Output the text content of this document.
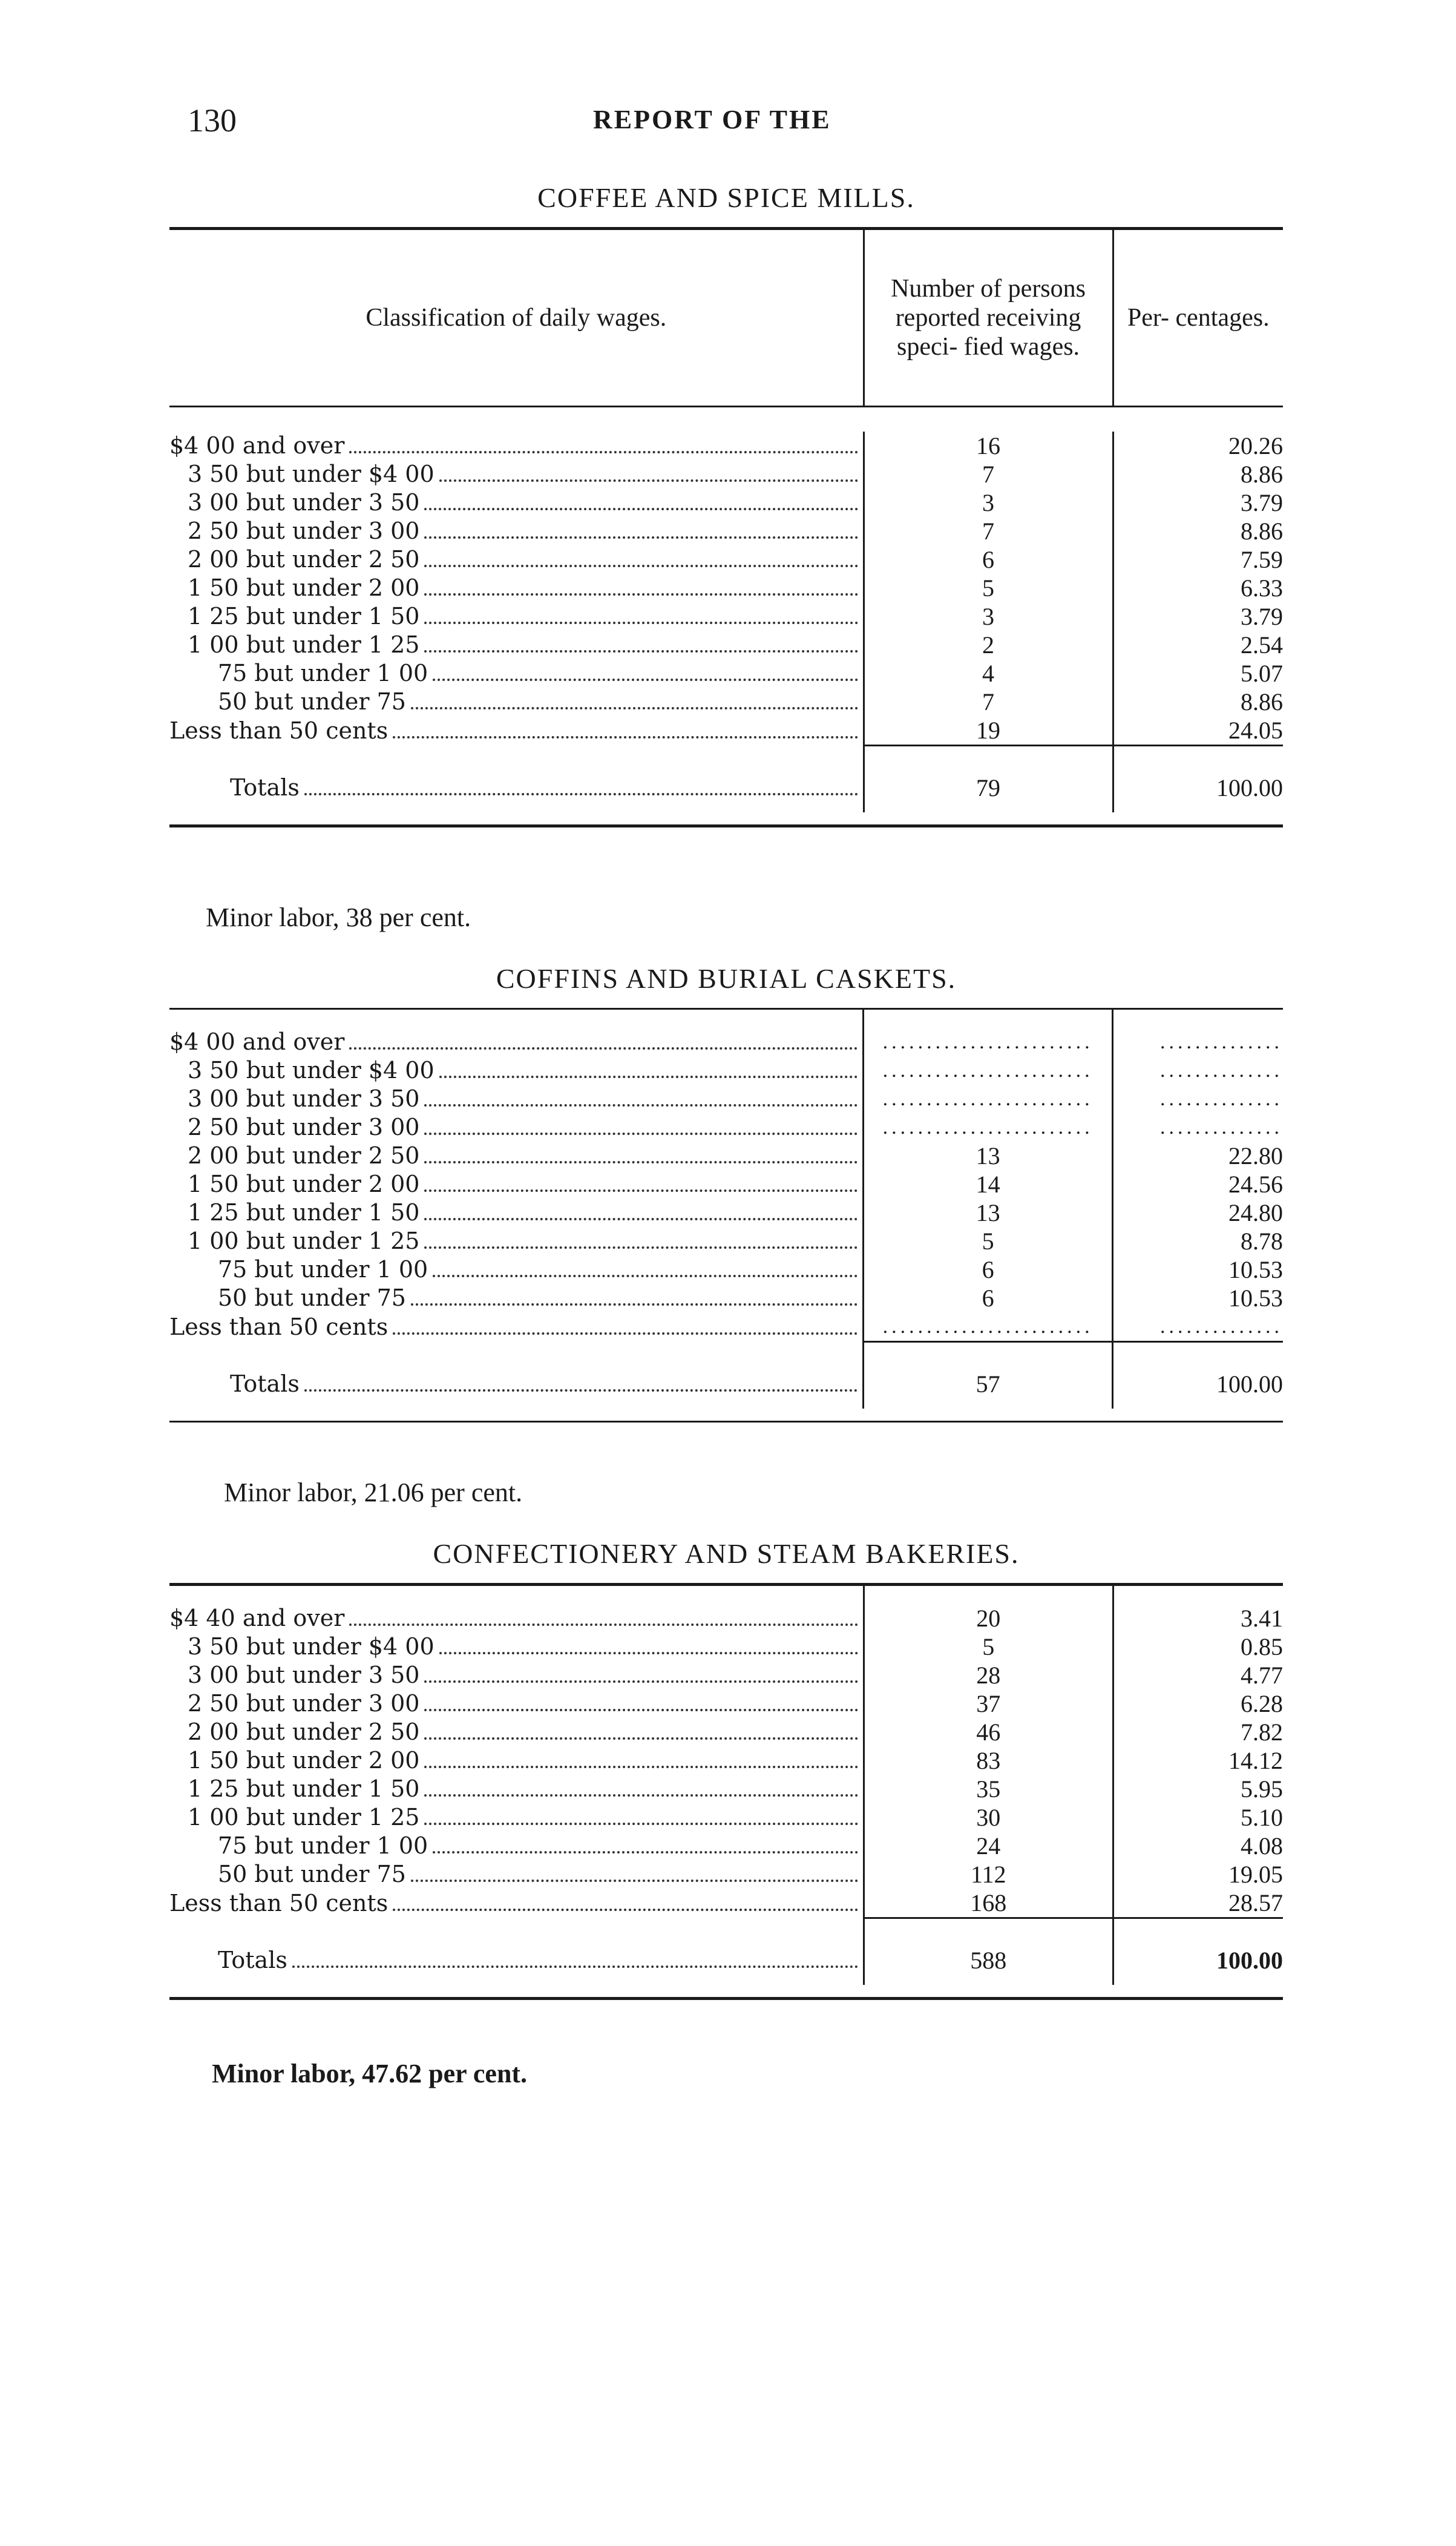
130	REPORT OF THE
COFFEE AND SPICE MILLS.
Classification of daily wages.	Number of persons reported receiving speci- fied wages.	Per- centages.

$4 00 and over	16	20.26

3 50 but under $4 00	7	8.86

3 00 but under 3 50	3	3.79

2 50 but under 3 00	7	8.86

2 00 but under 2 50	6	7.59

1 50 but under 2 00	5	6.33

1 25 but under 1 50	3	3.79

1 00 but under 1 25	2	2.54

75 but under 1 00	4	5.07

50 but under 75	7	8.86

Less than 50 cents	19	24.05

Totals	79	100.00
Minor labor, 38 per cent.
COFFINS AND BURIAL CASKETS.

$4 00 and over	........................	..............

3 50 but under $4 00	........................	..............

3 00 but under 3 50	........................	..............

2 50 but under 3 00	........................	..............

2 00 but under 2 50	13	22.80

1 50 but under 2 00	14	24.56

1 25 but under 1 50	13	24.80

1 00 but under 1 25	5	8.78

75 but under 1 00	6	10.53

50 but under 75	6	10.53

Less than 50 cents	........................	..............

Totals	57	100.00
Minor labor, 21.06 per cent.
CONFECTIONERY AND STEAM BAKERIES.

$4 40 and over	20	3.41

3 50 but under $4 00	5	0.85

3 00 but under 3 50	28	4.77

2 50 but under 3 00	37	6.28

2 00 but under 2 50	46	7.82

1 50 but under 2 00	83	14.12

1 25 but under 1 50	35	5.95

1 00 but under 1 25	30	5.10

75 but under 1 00	24	4.08

50 but under 75	112	19.05

Less than 50 cents	168	28.57

Totals	588	100.00
Minor labor, 47.62 per cent.
